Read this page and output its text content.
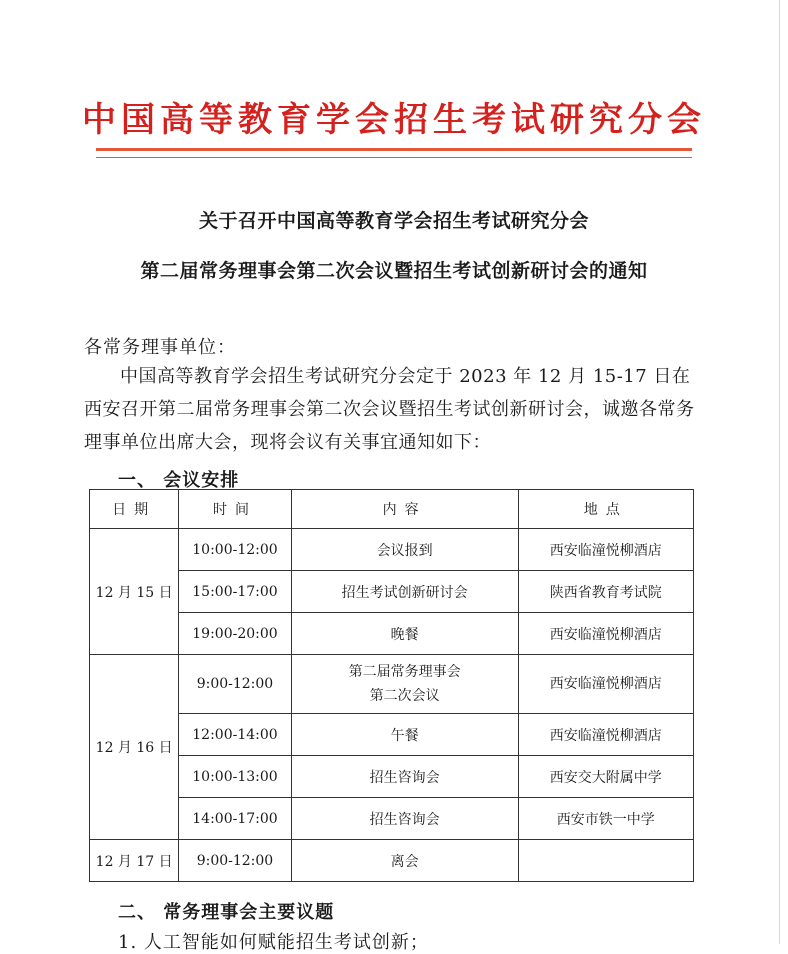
中国高等教育学会招生考试研究分会
关于召开中国高等教育学会招生考试研究分会
第二届常务理事会第二次会议暨招生考试创新研讨会的通知
各常务理事单位：
中国高等教育学会招生考试研究分会定于 2023 年 12 月 15-17 日在西安召开第二届常务理事会第二次会议暨招生考试创新研讨会，诚邀各常务理事单位出席大会，现将会议有关事宜通知如下：
一、 会议安排
日期	时间	内容	地点
12 月 15 日	10:00-12:00	会议报到	西安临潼悦柳酒店
	15:00-17:00	招生考试创新研讨会	陕西省教育考试院
	19:00-20:00	晚餐	西安临潼悦柳酒店
12 月 16 日	9:00-12:00	第二届常务理事会
第二次会议	西安临潼悦柳酒店
	12:00-14:00	午餐	西安临潼悦柳酒店
	10:00-13:00	招生咨询会	西安交大附属中学
	14:00-17:00	招生咨询会	西安市铁一中学
12 月 17 日	9:00-12:00	离会	
二、 常务理事会主要议题
1. 人工智能如何赋能招生考试创新；
